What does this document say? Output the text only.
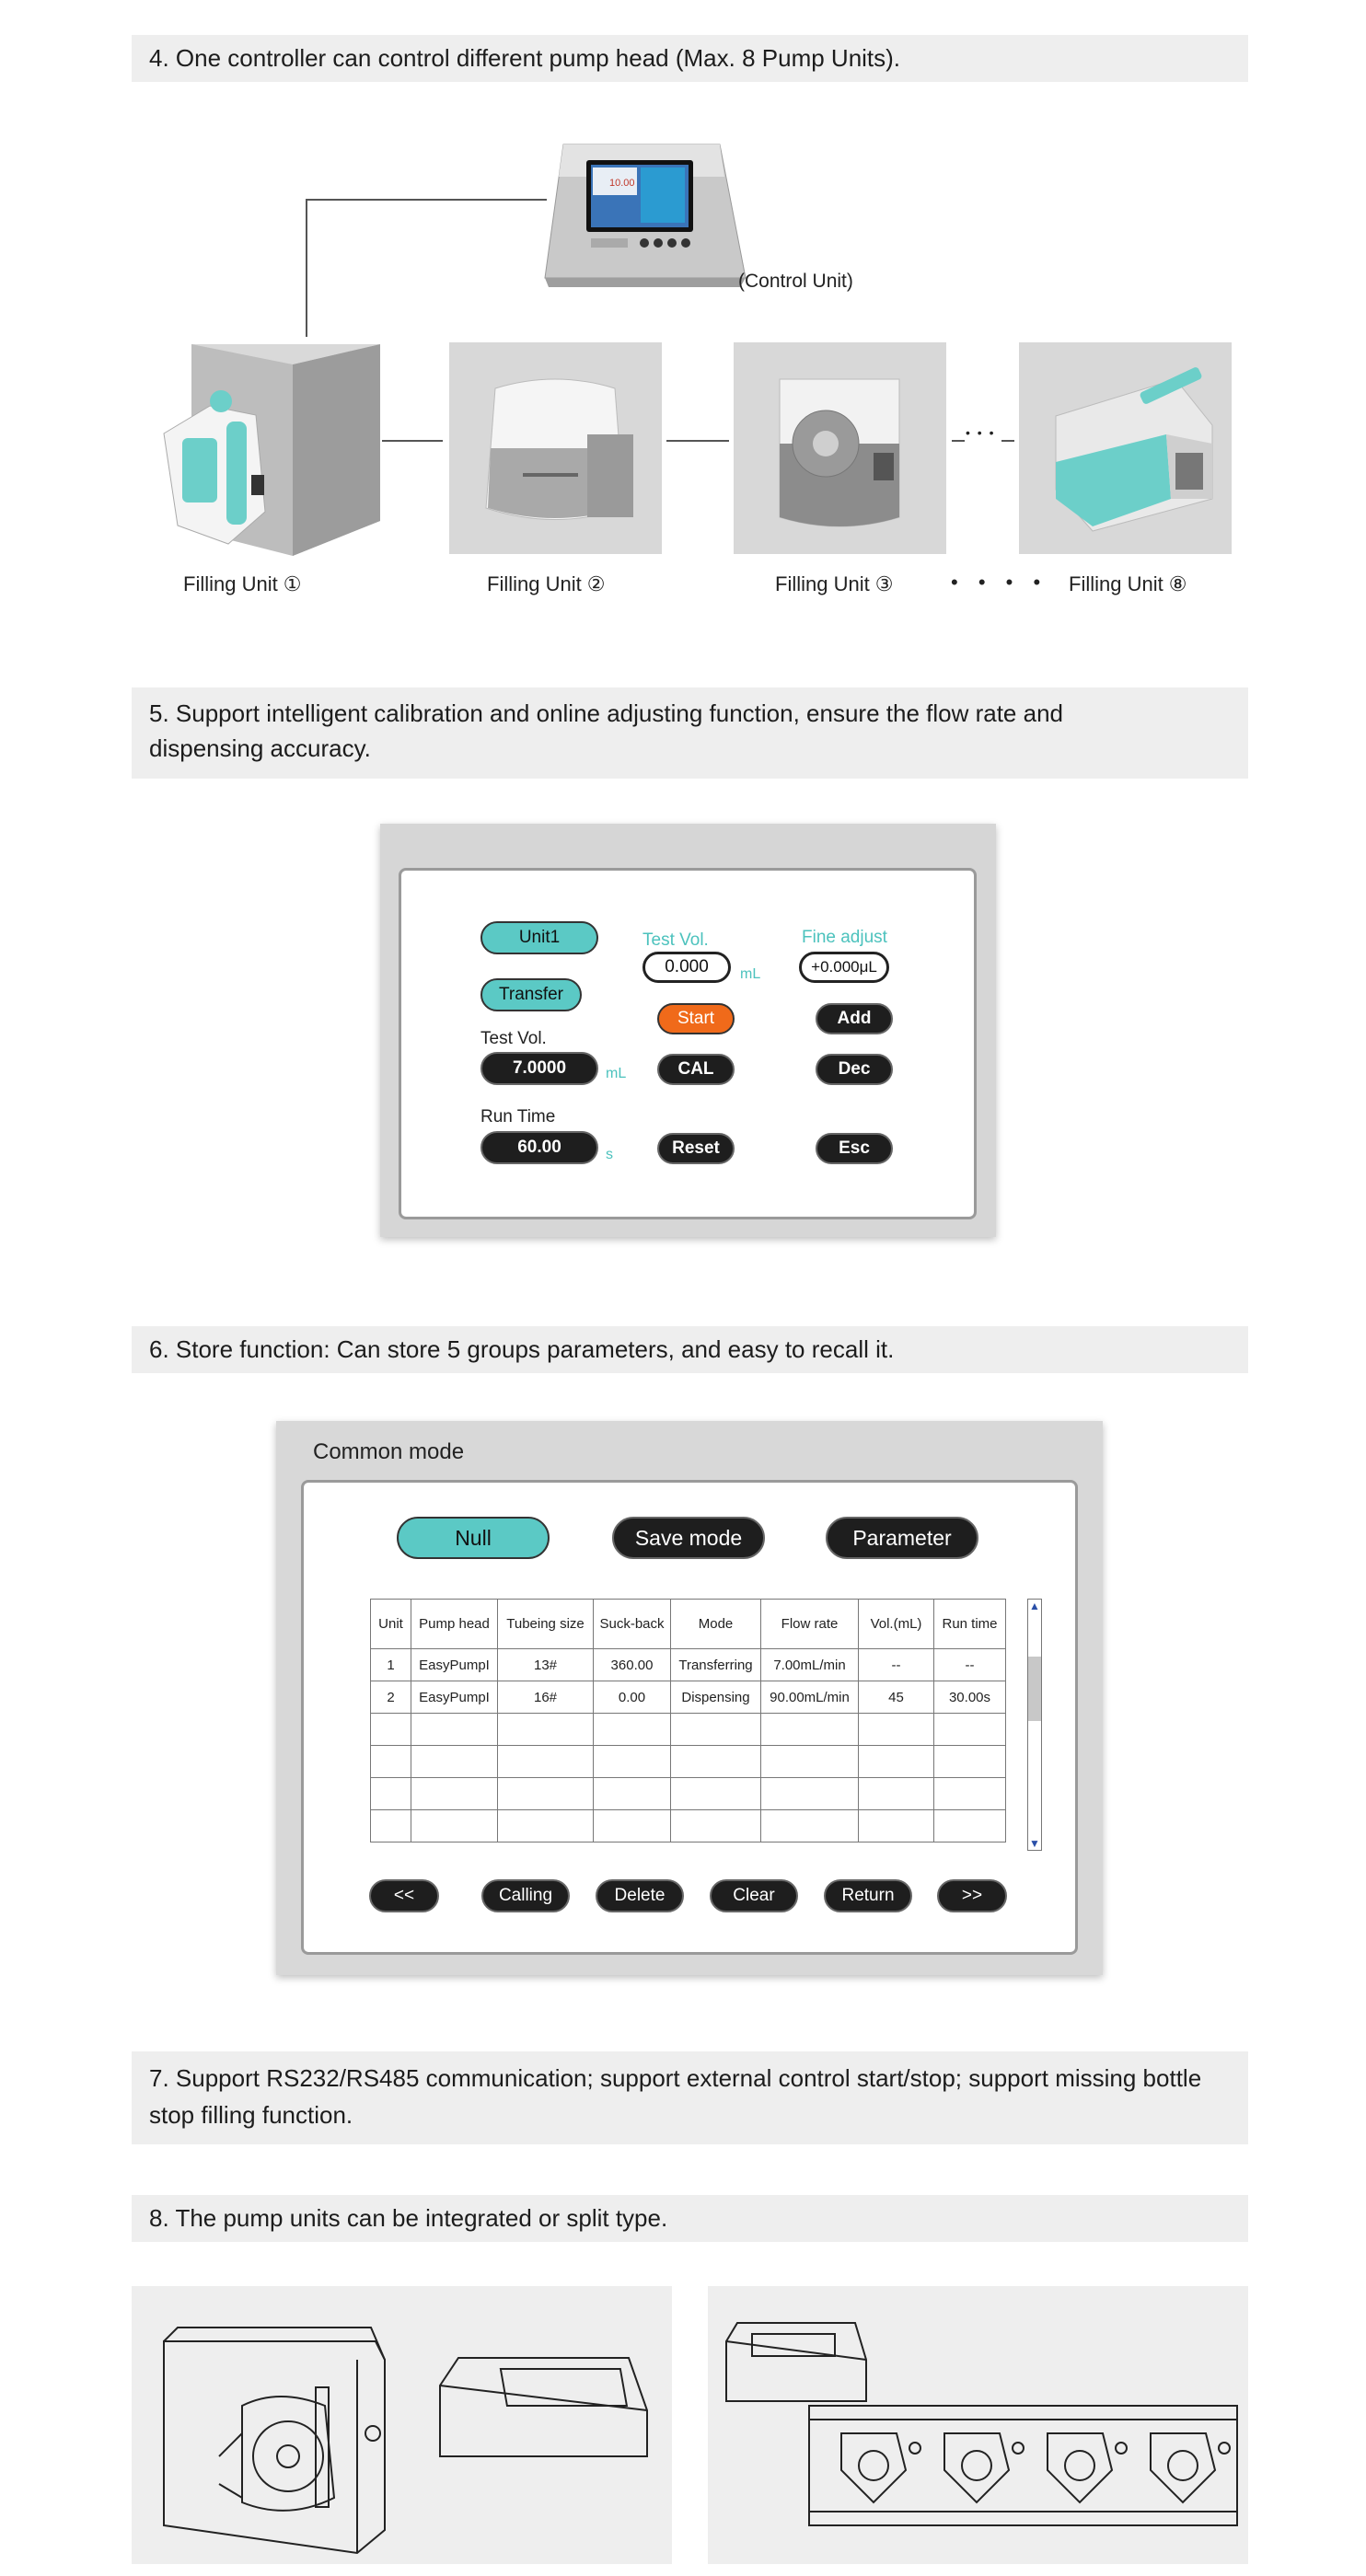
4. One controller can control different pump head (Max. 8 Pump Units).

10.00
(Control Unit)
• • •
Filling Unit ①	Filling Unit ②	Filling Unit ③	• • • • Filling Unit ⑧

5. Support intelligent calibration and online adjusting function, ensure the flow rate and

dispensing accuracy.

Unit1
Transfer
Test Vol.
7.0000	mL
Run Time
60.00	s
Test Vol.
0.000	mL
Start
CAL
Reset
Fine adjust
+0.000μL
Add
Dec
Esc

6. Store function: Can store 5 groups parameters, and easy to recall it.

Common mode
Null	Save mode	Parameter
Unit	Pump head	Tubeing size	Suck-back	Mode	Flow rate	Vol.(mL)	Run time
1	EasyPumpI	13#	360.00	Transferring	7.00mL/min	--	--
2	EasyPumpI	16#	0.00	Dispensing	90.00mL/min	45	30.00s

▲
▼
<<	Calling	Delete	Clear	Return	>>

7. Support RS232/RS485 communication; support external control start/stop; support missing bottle

stop filling function.

8. The pump units can be integrated or split type.
